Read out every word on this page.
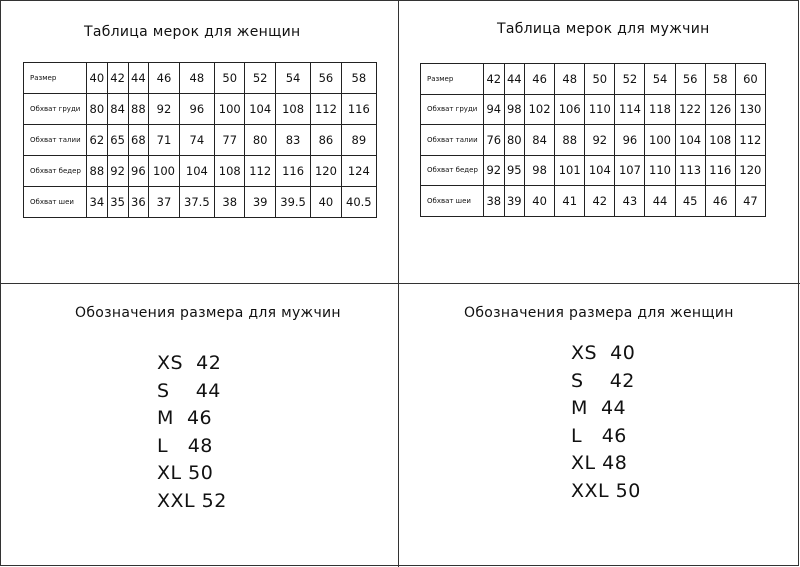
Таблица мерок для женщин
Размер	40	42	44	46	48	50	52	54	56	58
Обхват груди	80	84	88	92	96	100	104	108	112	116
Обхват талии	62	65	68	71	74	77	80	83	86	89
Обхват бедер	88	92	96	100	104	108	112	116	120	124
Обхват шеи	34	35	36	37	37.5	38	39	39.5	40	40.5
Таблица мерок для мужчин
Размер	42	44	46	48	50	52	54	56	58	60
Обхват груди	94	98	102	106	110	114	118	122	126	130
Обхват талии	76	80	84	88	92	96	100	104	108	112
Обхват бедер	92	95	98	101	104	107	110	113	116	120
Обхват шеи	38	39	40	41	42	43	44	45	46	47
Обозначения размера для мужчин
XS  42
S    44
M  46
L   48
XL 50
XXL 52
Обозначения размера для женщин
XS  40
S    42
M  44
L   46
XL 48
XXL 50
